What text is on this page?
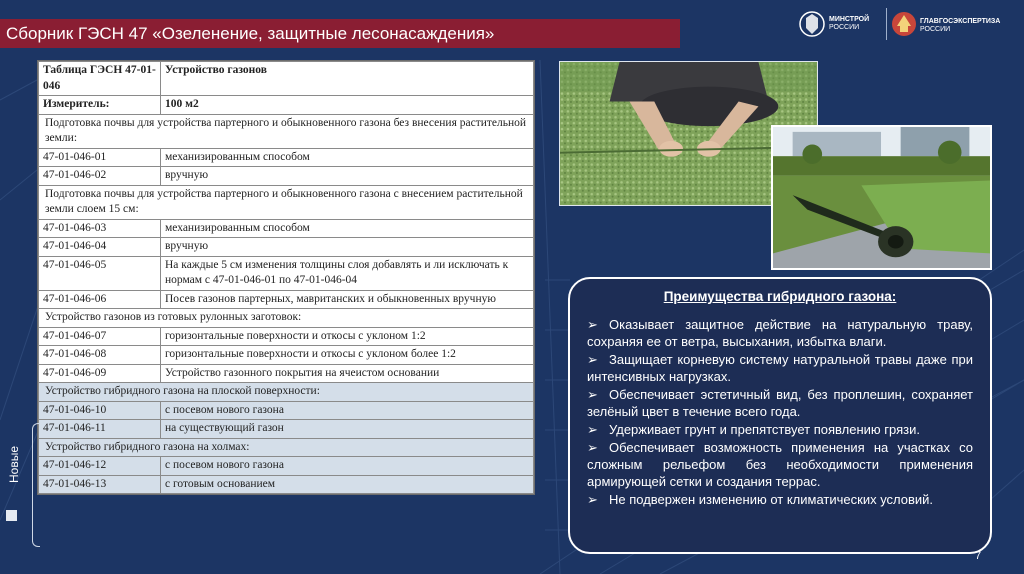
Сборник ГЭСН 47 «Озеленение, защитные лесонасаждения»
МИНСТРОЙ
РОССИИ
ГЛАВГОСЭКСПЕРТИЗА
РОССИИ
Таблица ГЭСН 47-01-046	Устройство газонов
Измеритель:	100 м2
Подготовка почвы для устройства партерного и обыкновенного газона без внесения растительной земли:	
47-01-046-01	механизированным способом
47-01-046-02	вручную
Подготовка почвы для устройства партерного и обыкновенного газона с внесением растительной земли слоем 15 см:	
47-01-046-03	механизированным способом
47-01-046-04	вручную
47-01-046-05	На каждые 5 см изменения толщины слоя добавлять и ли исключать к нормам с 47-01-046-01 по 47-01-046-04
47-01-046-06	Посев газонов партерных, мавританских и обыкновенных вручную
Устройство газонов из готовых рулонных заготовок:	
47-01-046-07	горизонтальные поверхности и откосы с уклоном 1:2
47-01-046-08	горизонтальные поверхности и откосы с уклоном более 1:2
47-01-046-09	Устройство газонного покрытия на ячеистом основании
Устройство гибридного газона на плоской поверхности:	
47-01-046-10	с посевом нового газона
47-01-046-11	на существующий газон
Устройство гибридного газона на холмах:	
47-01-046-12	с посевом нового газона
47-01-046-13	с готовым основанием
Новые
Преимущества гибридного газона:
➢ Оказывает защитное действие на натуральную траву, сохраняя ее от ветра, высыхания, избытка влаги.
➢ Защищает корневую систему натуральной травы даже при интенсивных нагрузках.
➢ Обеспечивает эстетичный вид, без проплешин, сохраняет зелёный цвет в течение всего года.
➢ Удерживает грунт и препятствует появлению грязи.
➢ Обеспечивает возможность применения на участках со сложным рельефом без необходимости применения армирующей сетки и создания террас.
➢ Не подвержен изменению от климатических условий.
7
